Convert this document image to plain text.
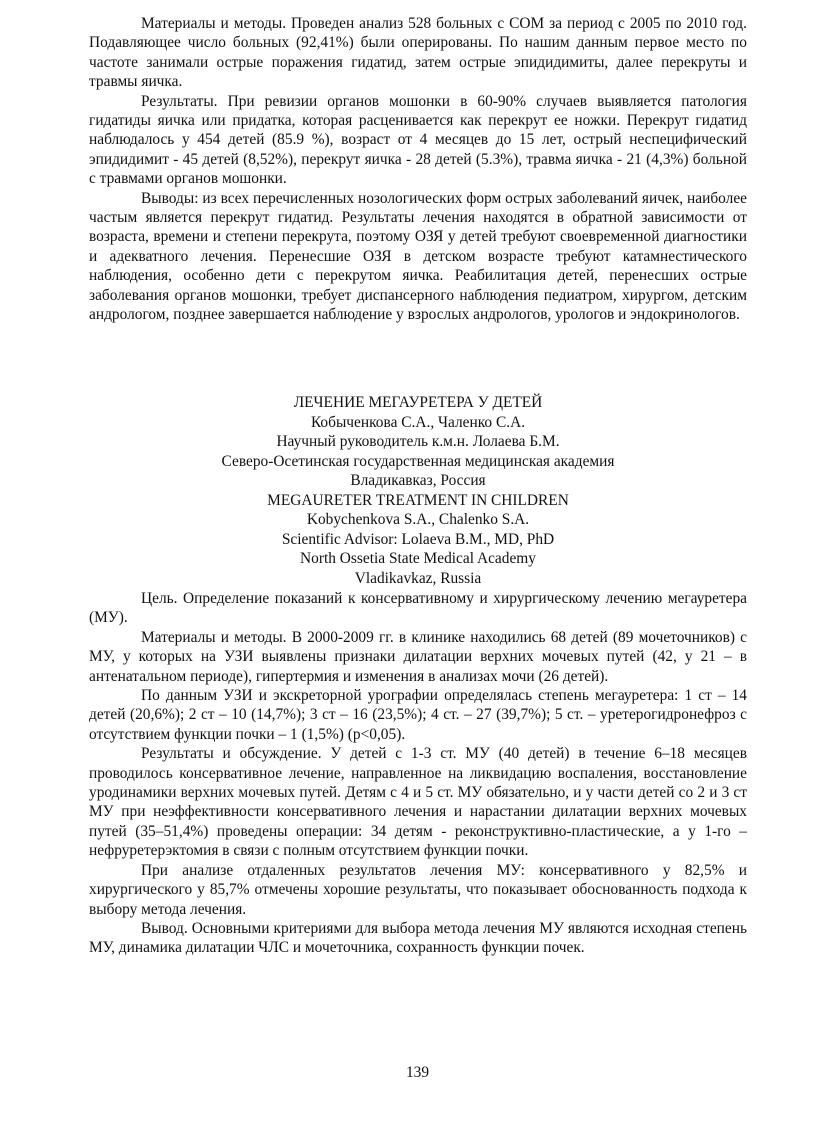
Материалы и методы. Проведен анализ 528 больных с СОМ за период с 2005 по 2010 год. Подавляющее число больных (92,41%) были оперированы. По нашим данным первое место по частоте занимали острые поражения гидатид, затем острые эпидидимиты, далее перекруты и травмы яичка.

Результаты. При ревизии органов мошонки в 60-90% случаев выявляется патология гидатиды яичка или придатка, которая расценивается как перекрут ее ножки. Перекрут гидатид наблюдалось у 454 детей (85.9 %), возраст от 4 месяцев до 15 лет, острый неспецифический эпидидимит - 45 детей (8,52%), перекрут яичка - 28 детей (5.3%), травма яичка - 21 (4,3%) больной с травмами органов мошонки.

Выводы: из всех перечисленных нозологических форм острых заболеваний яичек, наиболее частым является перекрут гидатид. Результаты лечения находятся в обратной зависимости от возраста, времени и степени перекрута, поэтому ОЗЯ у детей требуют своевременной диагностики и адекватного лечения. Перенесшие ОЗЯ в детском возрасте требуют катамнестического наблюдения, особенно дети с перекрутом яичка. Реабилитация детей, перенесших острые заболевания органов мошонки, требует диспансерного наблюдения педиатром, хирургом, детским андрологом, позднее завершается наблюдение у взрослых андрологов, урологов и эндокринологов.

ЛЕЧЕНИЕ МЕГАУРЕТЕРА У ДЕТЕЙ
Кобыченкова С.А., Чаленко С.А.
Научный руководитель к.м.н. Лолаева Б.М.
Северо-Осетинская государственная медицинская академия
Владикавказ, Россия
MEGAURETER TREATMENT IN CHILDREN
Kobychenkova S.A., Chalenko S.A.
Scientific Advisor: Lolaeva B.M., MD, PhD
North Ossetia State Medical Academy
Vladikavkaz, Russia

Цель. Определение показаний к консервативному и хирургическому лечению мегауретера (МУ).

Материалы и методы. В 2000-2009 гг. в клинике находились 68 детей (89 мочеточников) с МУ, у которых на УЗИ выявлены признаки дилатации верхних мочевых путей (42, у 21 – в антенатальном периоде), гипертермия и изменения в анализах мочи (26 детей).

По данным УЗИ и экскреторной урографии определялась степень мегауретера: 1 ст – 14 детей (20,6%); 2 ст – 10 (14,7%); 3 ст – 16 (23,5%); 4 ст. – 27 (39,7%); 5 ст. – уретерогидронефроз с отсутствием функции почки – 1 (1,5%) (p<0,05).

Результаты и обсуждение. У детей с 1-3 ст. МУ (40 детей) в течение 6–18 месяцев проводилось консервативное лечение, направленное на ликвидацию воспаления, восстановление уродинамики верхних мочевых путей. Детям с 4 и 5 ст. МУ обязательно, и у части детей со 2 и 3 ст МУ при неэффективности консервативного лечения и нарастании дилатации верхних мочевых путей (35–51,4%) проведены операции: 34 детям - реконструктивно-пластические, а у 1-го – нефруретерэктомия в связи с полным отсутствием функции почки.

При анализе отдаленных результатов лечения МУ: консервативного у 82,5% и хирургического у 85,7% отмечены хорошие результаты, что показывает обоснованность подхода к выбору метода лечения.

Вывод. Основными критериями для выбора метода лечения МУ являются исходная степень МУ, динамика дилатации ЧЛС и мочеточника, сохранность функции почек.

139
